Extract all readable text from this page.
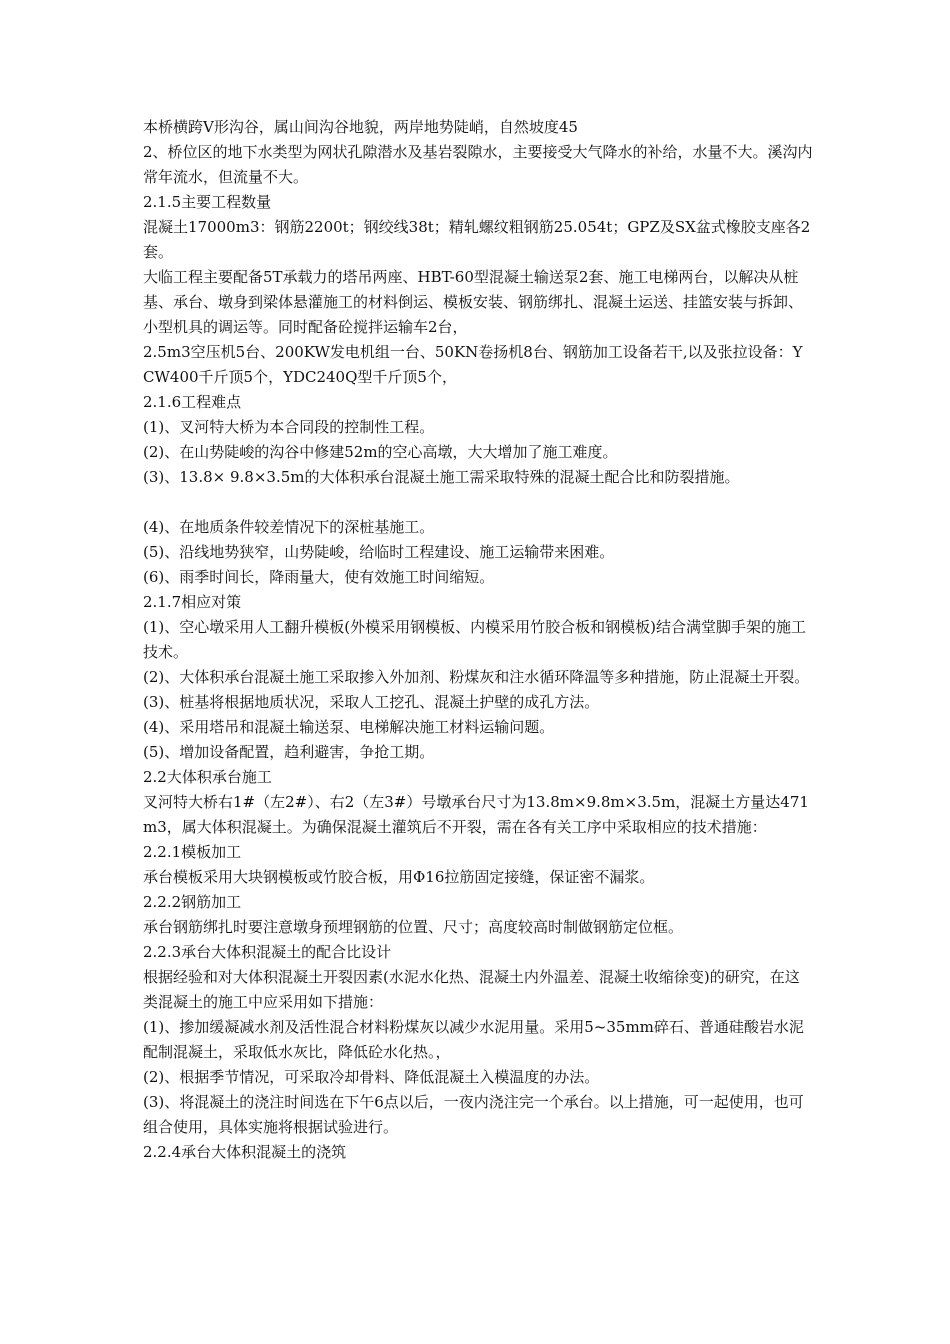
本桥横跨Ⅴ形沟谷，属山间沟谷地貌，两岸地势陡峭，自然坡度45

2、桥位区的地下水类型为网状孔隙潜水及基岩裂隙水，主要接受大气降水的补给，水量不大。溪沟内常年流水，但流量不大。

2.1.5主要工程数量

混凝土17000m3：钢筋2200t；钢绞线38t；精轧螺纹粗钢筋25.054t；GPZ及SX盆式橡胶支座各2套。

大临工程主要配备5T承载力的塔吊两座、HBT-60型混凝土输送泵2套、施工电梯两台，以解决从桩基、承台、墩身到梁体悬灌施工的材料倒运、模板安装、钢筋绑扎、混凝土运送、挂篮安装与拆卸、小型机具的调运等。同时配备砼搅拌运输车2台，

2.5m3空压机5台、200KW发电机组一台、50KN卷扬机8台、钢筋加工设备若干,以及张拉设备：YCW400千斤顶5个，YDC240Q型千斤顶5个，

2.1.6工程难点

(1)、叉河特大桥为本合同段的控制性工程。

(2)、在山势陡峻的沟谷中修建52m的空心高墩，大大增加了施工难度。

(3)、13.8× 9.8×3.5m的大体积承台混凝土施工需采取特殊的混凝土配合比和防裂措施。

(4)、在地质条件较差情况下的深桩基施工。

(5)、沿线地势狭窄，山势陡峻，给临时工程建设、施工运输带来困难。

(6)、雨季时间长，降雨量大，使有效施工时间缩短。

2.1.7相应对策

(1)、空心墩采用人工翻升模板(外模采用钢模板、内模采用竹胶合板和钢模板)结合满堂脚手架的施工技术。

(2)、大体积承台混凝土施工采取掺入外加剂、粉煤灰和注水循环降温等多种措施，防止混凝土开裂。

(3)、桩基将根据地质状况，采取人工挖孔、混凝土护壁的成孔方法。

(4)、采用塔吊和混凝土输送泵、电梯解决施工材料运输问题。

(5)、增加设备配置，趋利避害，争抢工期。

2.2大体积承台施工

叉河特大桥右1#（左2#）、右2（左3#）号墩承台尺寸为13.8m×9.8m×3.5m，混凝土方量达471m3，属大体积混凝土。为确保混凝土灌筑后不开裂，需在各有关工序中采取相应的技术措施：

2.2.1模板加工

承台模板采用大块钢模板或竹胶合板，用Φ16拉筋固定接缝，保证密不漏浆。

2.2.2钢筋加工

承台钢筋绑扎时要注意墩身预埋钢筋的位置、尺寸；高度较高时制做钢筋定位框。

2.2.3承台大体积混凝土的配合比设计

根据经验和对大体积混凝土开裂因素(水泥水化热、混凝土内外温差、混凝土收缩徐变)的研究，在这类混凝土的施工中应采用如下措施：

(1)、掺加缓凝减水剂及活性混合材料粉煤灰以减少水泥用量。采用5~35mm碎石、普通硅酸岩水泥配制混凝土，采取低水灰比，降低砼水化热。，

(2)、根据季节情况，可采取冷却骨料、降低混凝土入模温度的办法。

(3)、将混凝土的浇注时间选在下午6点以后，一夜内浇注完一个承台。以上措施，可一起使用，也可组合使用，具体实施将根据试验进行。

2.2.4承台大体积混凝土的浇筑
